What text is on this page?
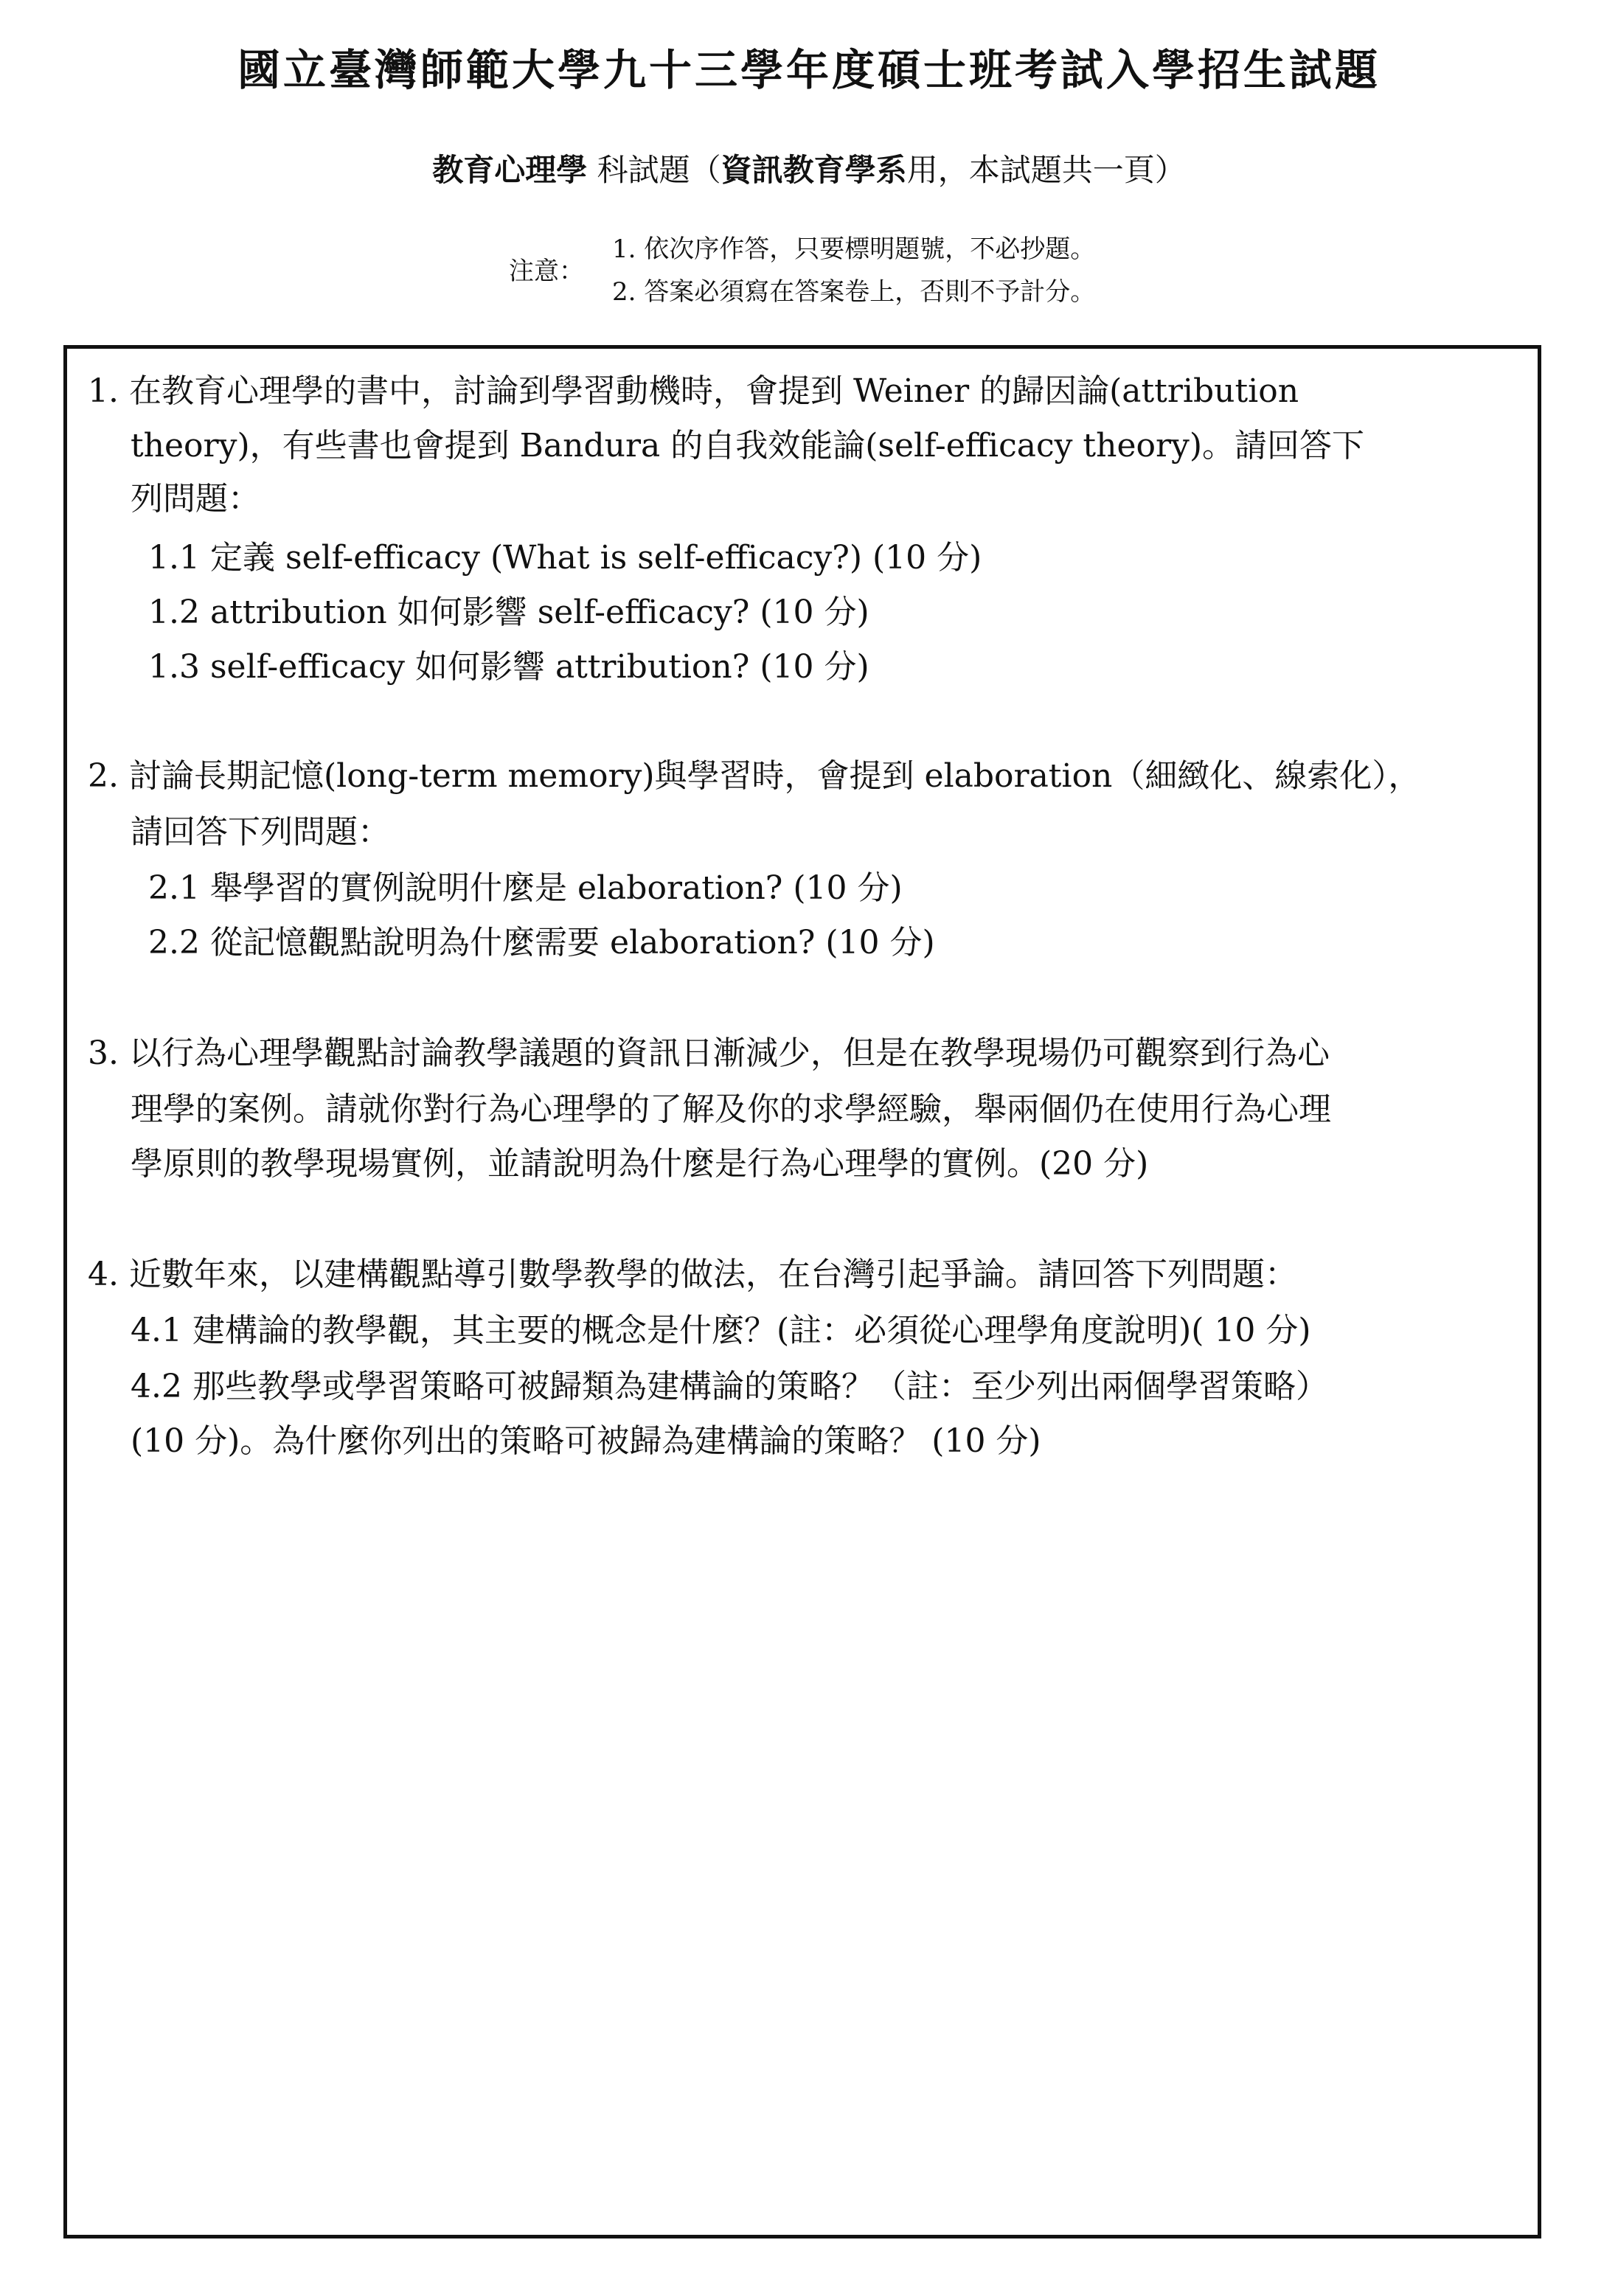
國立臺灣師範大學九十三學年度碩士班考試入學招生試題
教育心理學 科試題（資訊教育學系用，本試題共一頁）
注意：
1. 依次序作答，只要標明題號，不必抄題。
2. 答案必須寫在答案卷上，否則不予計分。
1. 在教育心理學的書中，討論到學習動機時，會提到 Weiner 的歸因論(attribution
theory)，有些書也會提到 Bandura 的自我效能論(self-efficacy theory)。請回答下
列問題：
1.1 定義 self-efficacy (What is self-efficacy?) (10 分)
1.2 attribution 如何影響 self-efficacy? (10 分)
1.3 self-efficacy 如何影響 attribution? (10 分)
2. 討論長期記憶(long-term memory)與學習時，會提到 elaboration（細緻化、線索化），
請回答下列問題：
2.1 舉學習的實例說明什麼是 elaboration? (10 分)
2.2 從記憶觀點說明為什麼需要 elaboration? (10 分)
3. 以行為心理學觀點討論教學議題的資訊日漸減少，但是在教學現場仍可觀察到行為心
理學的案例。請就你對行為心理學的了解及你的求學經驗，舉兩個仍在使用行為心理
學原則的教學現場實例，並請說明為什麼是行為心理學的實例。(20 分)
4. 近數年來，以建構觀點導引數學教學的做法，在台灣引起爭論。請回答下列問題：
4.1 建構論的教學觀，其主要的概念是什麼？(註：必須從心理學角度說明)( 10 分)
4.2 那些教學或學習策略可被歸類為建構論的策略？（註：至少列出兩個學習策略）
(10 分)。為什麼你列出的策略可被歸為建構論的策略？ (10 分)
